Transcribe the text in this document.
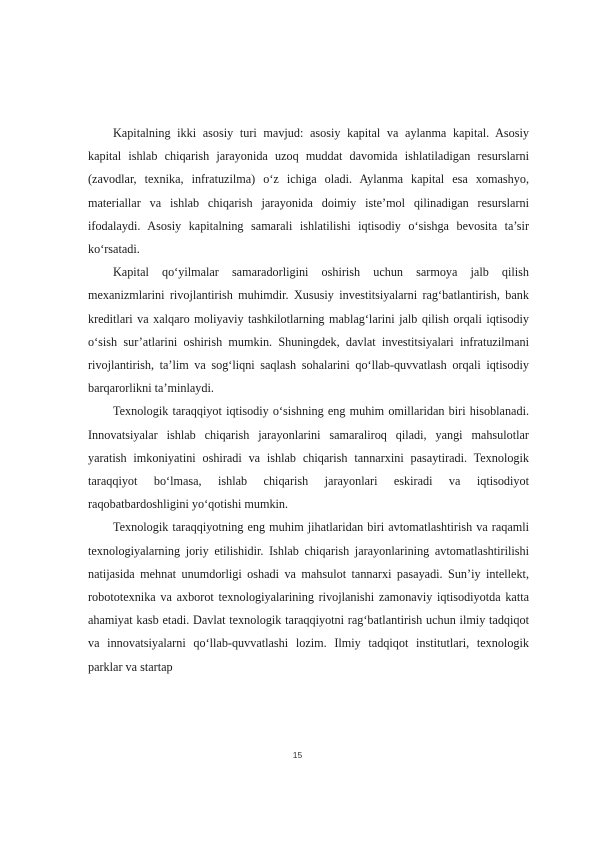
Kapitalning ikki asosiy turi mavjud: asosiy kapital va aylanma kapital. Asosiy kapital ishlab chiqarish jarayonida uzoq muddat davomida ishlatiladigan resurslarni (zavodlar, texnika, infratuzilma) o‘z ichiga oladi. Aylanma kapital esa xomashyo, materiallar va ishlab chiqarish jarayonida doimiy iste’mol qilinadigan resurslarni ifodalaydi. Asosiy kapitalning samarali ishlatilishi iqtisodiy o‘sishga bevosita ta’sir ko‘rsatadi.

Kapital qo‘yilmalar samaradorligini oshirish uchun sarmoya jalb qilish mexanizmlarini rivojlantirish muhimdir. Xususiy investitsiyalarni rag‘batlantirish, bank kreditlari va xalqaro moliyaviy tashkilotlarning mablag‘larini jalb qilish orqali iqtisodiy o‘sish sur’atlarini oshirish mumkin. Shuningdek, davlat investitsiyalari infratuzilmani rivojlantirish, ta’lim va sog‘liqni saqlash sohalarini qo‘llab-quvvatlash orqali iqtisodiy barqarorlikni ta’minlaydi.

Texnologik taraqqiyot iqtisodiy o‘sishning eng muhim omillaridan biri hisoblanadi. Innovatsiyalar ishlab chiqarish jarayonlarini samaraliroq qiladi, yangi mahsulotlar yaratish imkoniyatini oshiradi va ishlab chiqarish tannarxini pasaytiradi. Texnologik taraqqiyot bo‘lmasa, ishlab chiqarish jarayonlari eskiradi va iqtisodiyot raqobatbardoshligini yo‘qotishi mumkin.

Texnologik taraqqiyotning eng muhim jihatlaridan biri avtomatlashtirish va raqamli texnologiyalarning joriy etilishidir. Ishlab chiqarish jarayonlarining avtomatlashtirilishi natijasida mehnat unumdorligi oshadi va mahsulot tannarxi pasayadi. Sun’iy intellekt, robototexnika va axborot texnologiyalarining rivojlanishi zamonaviy iqtisodiyotda katta ahamiyat kasb etadi. Davlat texnologik taraqqiyotni rag‘batlantirish uchun ilmiy tadqiqot va innovatsiyalarni qo‘llab-quvvatlashi lozim. Ilmiy tadqiqot institutlari, texnologik parklar va startap

15
